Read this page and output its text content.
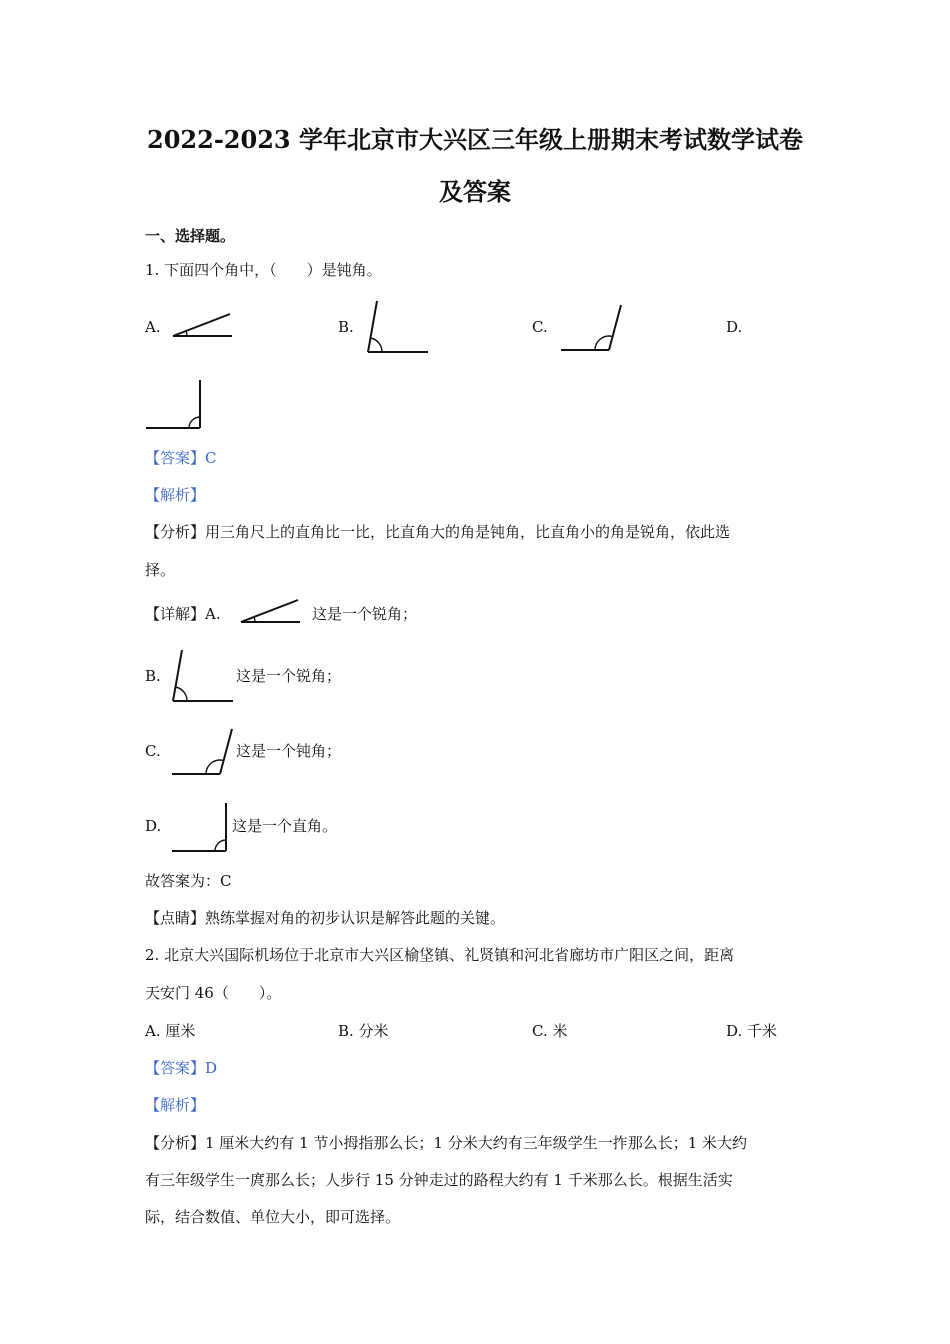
2022-2023 学年北京市大兴区三年级上册期末考试数学试卷
及答案
一、选择题。
1. 下面四个角中，（　　）是钝角。
A.	B.	C.	D.
【答案】C
【解析】
【分析】用三角尺上的直角比一比，比直角大的角是钝角，比直角小的角是锐角，依此选
择。
【详解】A.	这是一个锐角；
B.	这是一个锐角；
C.	这是一个钝角；
D.	这是一个直角。
故答案为：C
【点睛】熟练掌握对角的初步认识是解答此题的关键。
2. 北京大兴国际机场位于北京市大兴区榆垡镇、礼贤镇和河北省廊坊市广阳区之间，距离
天安门 46（　　）。
A. 厘米	B. 分米	C. 米	D. 千米
【答案】D
【解析】
【分析】1 厘米大约有 1 节小拇指那么长；1 分米大约有三年级学生一拃那么长；1 米大约
有三年级学生一庹那么长；人步行 15 分钟走过的路程大约有 1 千米那么长。根据生活实
际，结合数值、单位大小，即可选择。
